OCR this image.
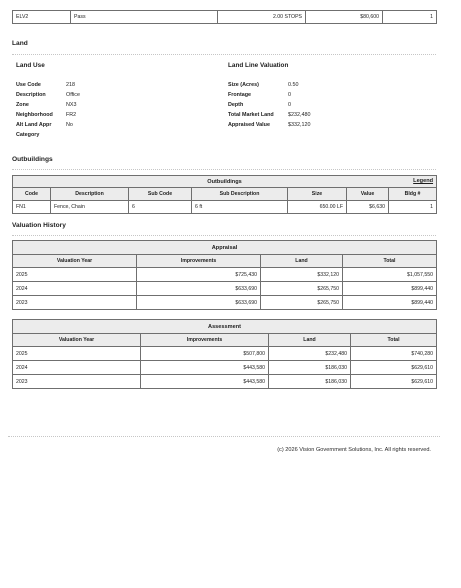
ELV2	Pass	2.00 STOPS	$80,600	1
Land
Land Use	Land Line Valuation
Use Code	218
Description	Office
Zone	NX3
Neighborhood FR2
Alt Land Appr	No
Category
Size (Acres)	0.50
Frontage	0
Depth	0
Total Market Land	$232,480
Appraised Value	$332,120
Outbuildings
Outbuildings Legend						

Code	Description	Sub Code	Sub Description	Size	Value	Bldg #
FN1	Fence, Chain	6	6 ft	650.00 LF	$6,630	1
Valuation History
Appraisal			
Valuation Year	Improvements	Land	Total
2025	$725,430	$332,120	$1,057,550
2024	$633,690	$265,750	$899,440
2023	$633,690	$265,750	$899,440
Assessment			
Valuation Year	Improvements	Land	Total
2025	$507,800	$232,480	$740,280
2024	$443,580	$186,030	$629,610
2023	$443,580	$186,030	$629,610
(c) 2026 Vision Government Solutions, Inc. All rights reserved.
